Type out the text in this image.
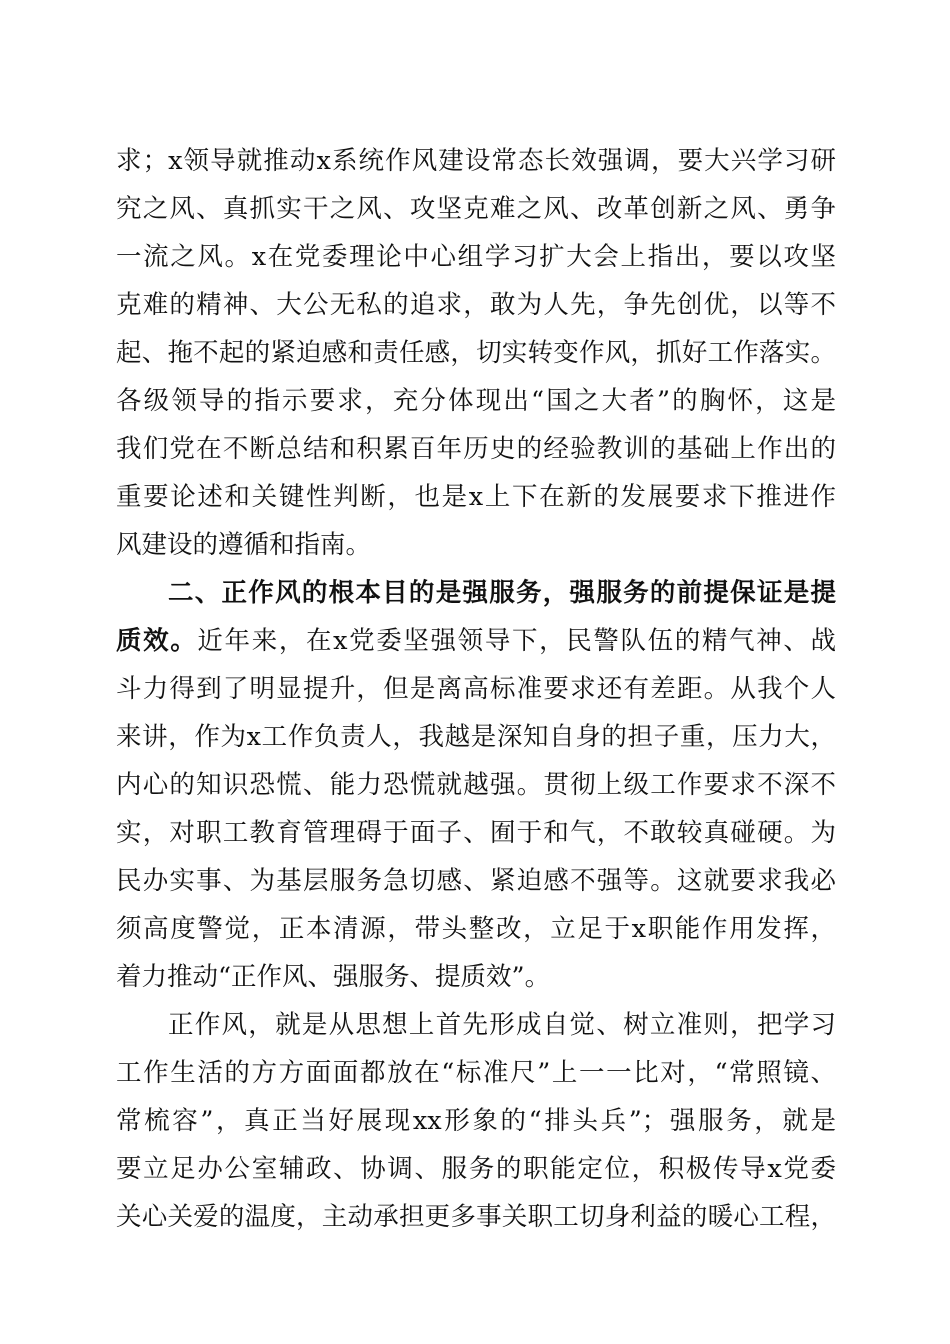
求；x领导就推动x系统作风建设常态长效强调，要大兴学习研
究之风、真抓实干之风、攻坚克难之风、改革创新之风、勇争
一流之风。x在党委理论中心组学习扩大会上指出，要以攻坚
克难的精神、大公无私的追求，敢为人先，争先创优，以等不
起、拖不起的紧迫感和责任感，切实转变作风，抓好工作落实。
各级领导的指示要求，充分体现出“国之大者”的胸怀，这是
我们党在不断总结和积累百年历史的经验教训的基础上作出的
重要论述和关键性判断，也是x上下在新的发展要求下推进作
风建设的遵循和指南。
二、正作风的根本目的是强服务，强服务的前提保证是提
质效。近年来，在x党委坚强领导下，民警队伍的精气神、战
斗力得到了明显提升，但是离高标准要求还有差距。从我个人
来讲，作为x工作负责人，我越是深知自身的担子重，压力大，
内心的知识恐慌、能力恐慌就越强。贯彻上级工作要求不深不
实，对职工教育管理碍于面子、囿于和气，不敢较真碰硬。为
民办实事、为基层服务急切感、紧迫感不强等。这就要求我必
须高度警觉，正本清源，带头整改，立足于x职能作用发挥，
着力推动“正作风、强服务、提质效”。
正作风，就是从思想上首先形成自觉、树立准则，把学习
工作生活的方方面面都放在“标准尺”上一一比对，“常照镜、
常梳容”，真正当好展现xx形象的“排头兵”；强服务，就是
要立足办公室辅政、协调、服务的职能定位，积极传导x党委
关心关爱的温度，主动承担更多事关职工切身利益的暖心工程，
